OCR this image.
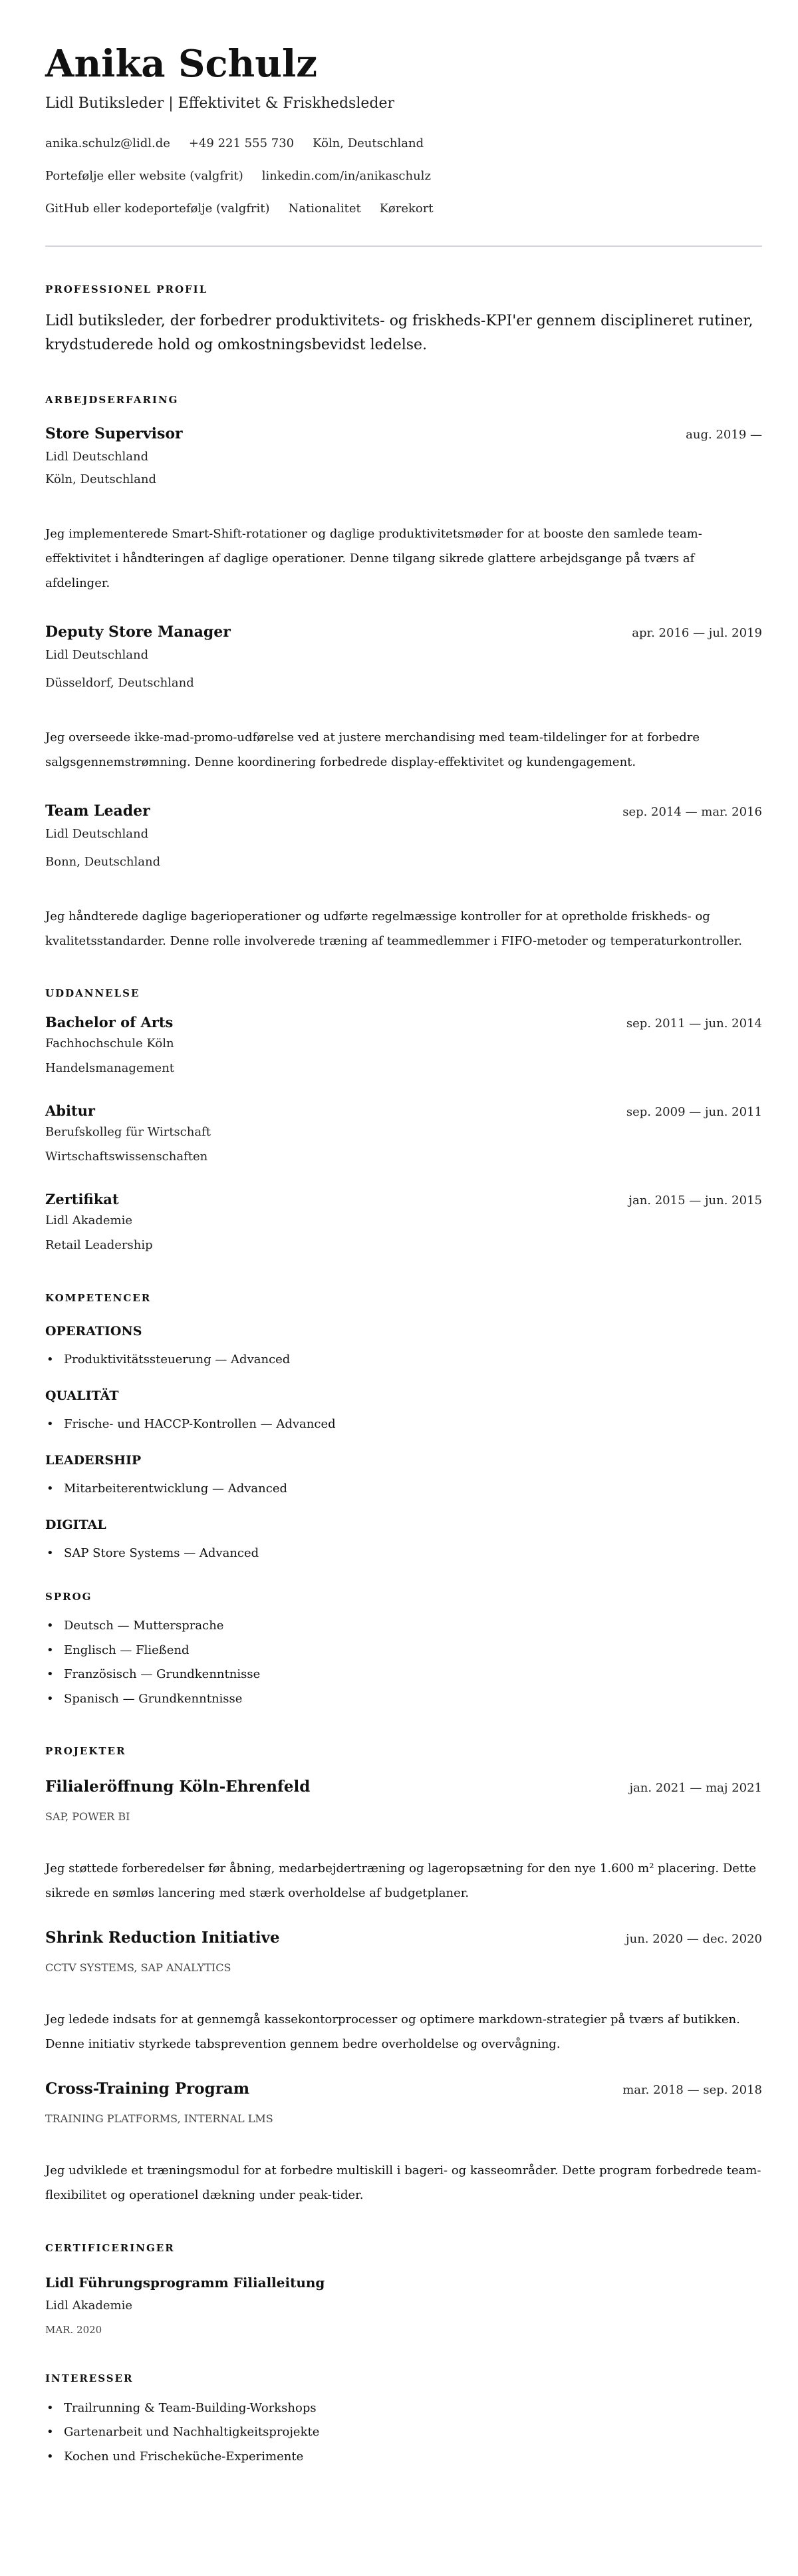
Anika Schulz
Lidl Butiksleder | Effektivitet & Friskhedsleder
anika.schulz@lidl.de +49 221 555 730 Köln, Deutschland
Portefølje eller website (valgfrit) linkedin.com/in/anikaschulz
GitHub eller kodeportefølje (valgfrit) Nationalitet Kørekort
PROFESSIONEL PROFIL
Lidl butiksleder, der forbedrer produktivitets- og friskheds-KPI'er gennem disciplineret rutiner, krydstuderede hold og omkostningsbevidst ledelse.
ARBEJDSERFARING
Store Supervisor	aug. 2019 —
Lidl Deutschland
Köln, Deutschland
Jeg implementerede Smart-Shift-rotationer og daglige produktivitetsmøder for at booste den samlede team-effektivitet i håndteringen af daglige operationer. Denne tilgang sikrede glattere arbejdsgange på tværs af afdelinger.
Deputy Store Manager	apr. 2016 — jul. 2019
Lidl Deutschland
Düsseldorf, Deutschland
Jeg overseede ikke-mad-promo-udførelse ved at justere merchandising med team-tildelinger for at forbedre salgsgennemstrømning. Denne koordinering forbedrede display-effektivitet og kundengagement.
Team Leader	sep. 2014 — mar. 2016
Lidl Deutschland
Bonn, Deutschland
Jeg håndterede daglige bagerioperationer og udførte regelmæssige kontroller for at opretholde friskheds- og kvalitetsstandarder. Denne rolle involverede træning af teammedlemmer i FIFO-metoder og temperaturkontroller.
UDDANNELSE
Bachelor of Arts	sep. 2011 — jun. 2014
Fachhochschule Köln
Handelsmanagement
Abitur	sep. 2009 — jun. 2011
Berufskolleg für Wirtschaft
Wirtschaftswissenschaften
Zertifikat	jan. 2015 — jun. 2015
Lidl Akademie
Retail Leadership
KOMPETENCER
OPERATIONS
• Produktivitätssteuerung — Advanced
QUALITÄT
• Frische- und HACCP-Kontrollen — Advanced
LEADERSHIP
• Mitarbeiterentwicklung — Advanced
DIGITAL
• SAP Store Systems — Advanced
SPROG
• Deutsch — Muttersprache
• Englisch — Fließend
• Französisch — Grundkenntnisse
• Spanisch — Grundkenntnisse
PROJEKTER
Filialeröffnung Köln-Ehrenfeld	jan. 2021 — maj 2021
SAP, POWER BI
Jeg støttede forberedelser før åbning, medarbejdertræning og lageropsætning for den nye 1.600 m² placering. Dette sikrede en sømløs lancering med stærk overholdelse af budgetplaner.
Shrink Reduction Initiative	jun. 2020 — dec. 2020
CCTV SYSTEMS, SAP ANALYTICS
Jeg ledede indsats for at gennemgå kassekontorprocesser og optimere markdown-strategier på tværs af butikken. Denne initiativ styrkede tabsprevention gennem bedre overholdelse og overvågning.
Cross-Training Program	mar. 2018 — sep. 2018
TRAINING PLATFORMS, INTERNAL LMS
Jeg udviklede et træningsmodul for at forbedre multiskill i bageri- og kasseområder. Dette program forbedrede team-flexibilitet og operationel dækning under peak-tider.
CERTIFICERINGER
Lidl Führungsprogramm Filialleitung
Lidl Akademie
MAR. 2020
INTERESSER
• Trailrunning & Team-Building-Workshops
• Gartenarbeit und Nachhaltigkeitsprojekte
• Kochen und Frischeküche-Experimente
